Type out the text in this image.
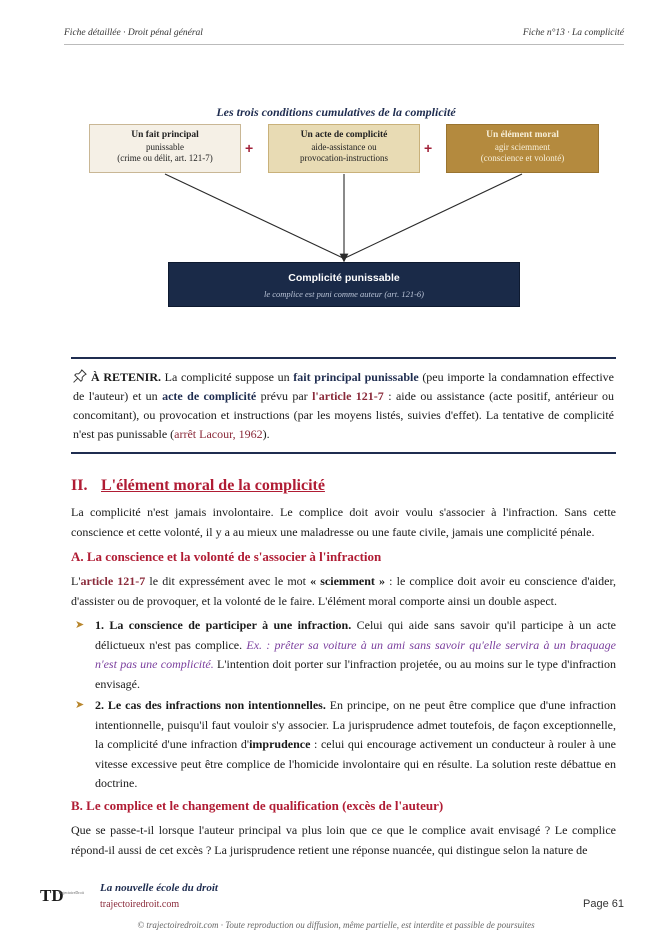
Fiche détaillée · Droit pénal général	Fiche n°13 · La complicité
Les trois conditions cumulatives de la complicité
Un fait principal
punissable
(crime ou délit, art. 121-7)
+
Un acte de complicité
aide-assistance ou
provocation-instructions
+
Un élément moral
agir sciemment
(conscience et volonté)
Complicité punissable
le complice est puni comme auteur (art. 121-6)
À RETENIR. La complicité suppose un fait principal punissable (peu importe la condamnation effective de l'auteur) et un acte de complicité prévu par l'article 121-7 : aide ou assistance (acte positif, antérieur ou concomitant), ou provocation et instructions (par les moyens listés, suivies d'effet). La tentative de complicité n'est pas punissable (arrêt Lacour, 1962).
II. L'élément moral de la complicité
La complicité n'est jamais involontaire. Le complice doit avoir voulu s'associer à l'infraction. Sans cette conscience et cette volonté, il y a au mieux une maladresse ou une faute civile, jamais une complicité pénale.
A. La conscience et la volonté de s'associer à l'infraction
L'article 121-7 le dit expressément avec le mot « sciemment » : le complice doit avoir eu conscience d'aider, d'assister ou de provoquer, et la volonté de le faire. L'élément moral comporte ainsi un double aspect.
➤ 1. La conscience de participer à une infraction. Celui qui aide sans savoir qu'il participe à un acte délictueux n'est pas complice. Ex. : prêter sa voiture à un ami sans savoir qu'elle servira à un braquage n'est pas une complicité. L'intention doit porter sur l'infraction projetée, ou au moins sur le type d'infraction envisagé.
➤ 2. Le cas des infractions non intentionnelles. En principe, on ne peut être complice que d'une infraction intentionnelle, puisqu'il faut vouloir s'y associer. La jurisprudence admet toutefois, de façon exceptionnelle, la complicité d'une infraction d'imprudence : celui qui encourage activement un conducteur à rouler à une vitesse excessive peut être complice de l'homicide involontaire qui en résulte. La solution reste débattue en doctrine.
B. Le complice et le changement de qualification (excès de l'auteur)
Que se passe-t-il lorsque l'auteur principal va plus loin que ce que le complice avait envisagé ? Le complice répond-il aussi de cet excès ? La jurisprudence retient une réponse nuancée, qui distingue selon la nature de
TD
TrajectoireDroit La nouvelle école du droit
trajectoiredroit.com	Page 61
© trajectoiredroit.com · Toute reproduction ou diffusion, même partielle, est interdite et passible de poursuites
